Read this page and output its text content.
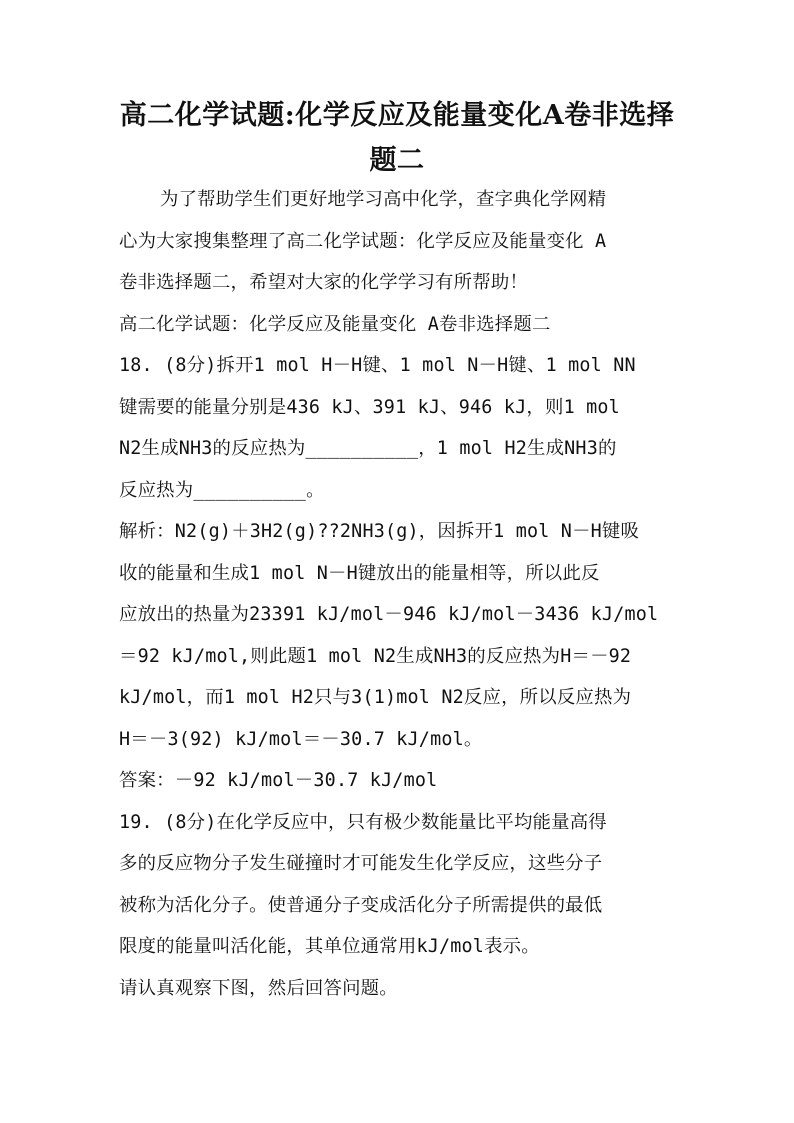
高二化学试题:化学反应及能量变化A卷非选择
题二
为了帮助学生们更好地学习高中化学，查字典化学网精
心为大家搜集整理了高二化学试题：化学反应及能量变化 A
卷非选择题二，希望对大家的化学学习有所帮助！
高二化学试题：化学反应及能量变化 A卷非选择题二
18. (8分)拆开1 mol H－H键、1 mol N－H键、1 mol NN
键需要的能量分别是436 kJ、391 kJ、946 kJ，则1 mol
N2生成NH3的反应热为__________，1 mol H2生成NH3的
反应热为__________。
解析：N2(g)＋3H2(g)??2NH3(g)，因拆开1 mol N－H键吸
收的能量和生成1 mol N－H键放出的能量相等，所以此反
应放出的热量为23391 kJ/mol－946 kJ/mol－3436 kJ/mol
＝92 kJ/mol,则此题1 mol N2生成NH3的反应热为H＝－92
kJ/mol，而1 mol H2只与3(1)mol N2反应，所以反应热为
H＝－3(92) kJ/mol＝－30.7 kJ/mol。
答案：－92 kJ/mol－30.7 kJ/mol
19. (8分)在化学反应中，只有极少数能量比平均能量高得
多的反应物分子发生碰撞时才可能发生化学反应，这些分子
被称为活化分子。使普通分子变成活化分子所需提供的最低
限度的能量叫活化能，其单位通常用kJ/mol表示。
请认真观察下图，然后回答问题。
